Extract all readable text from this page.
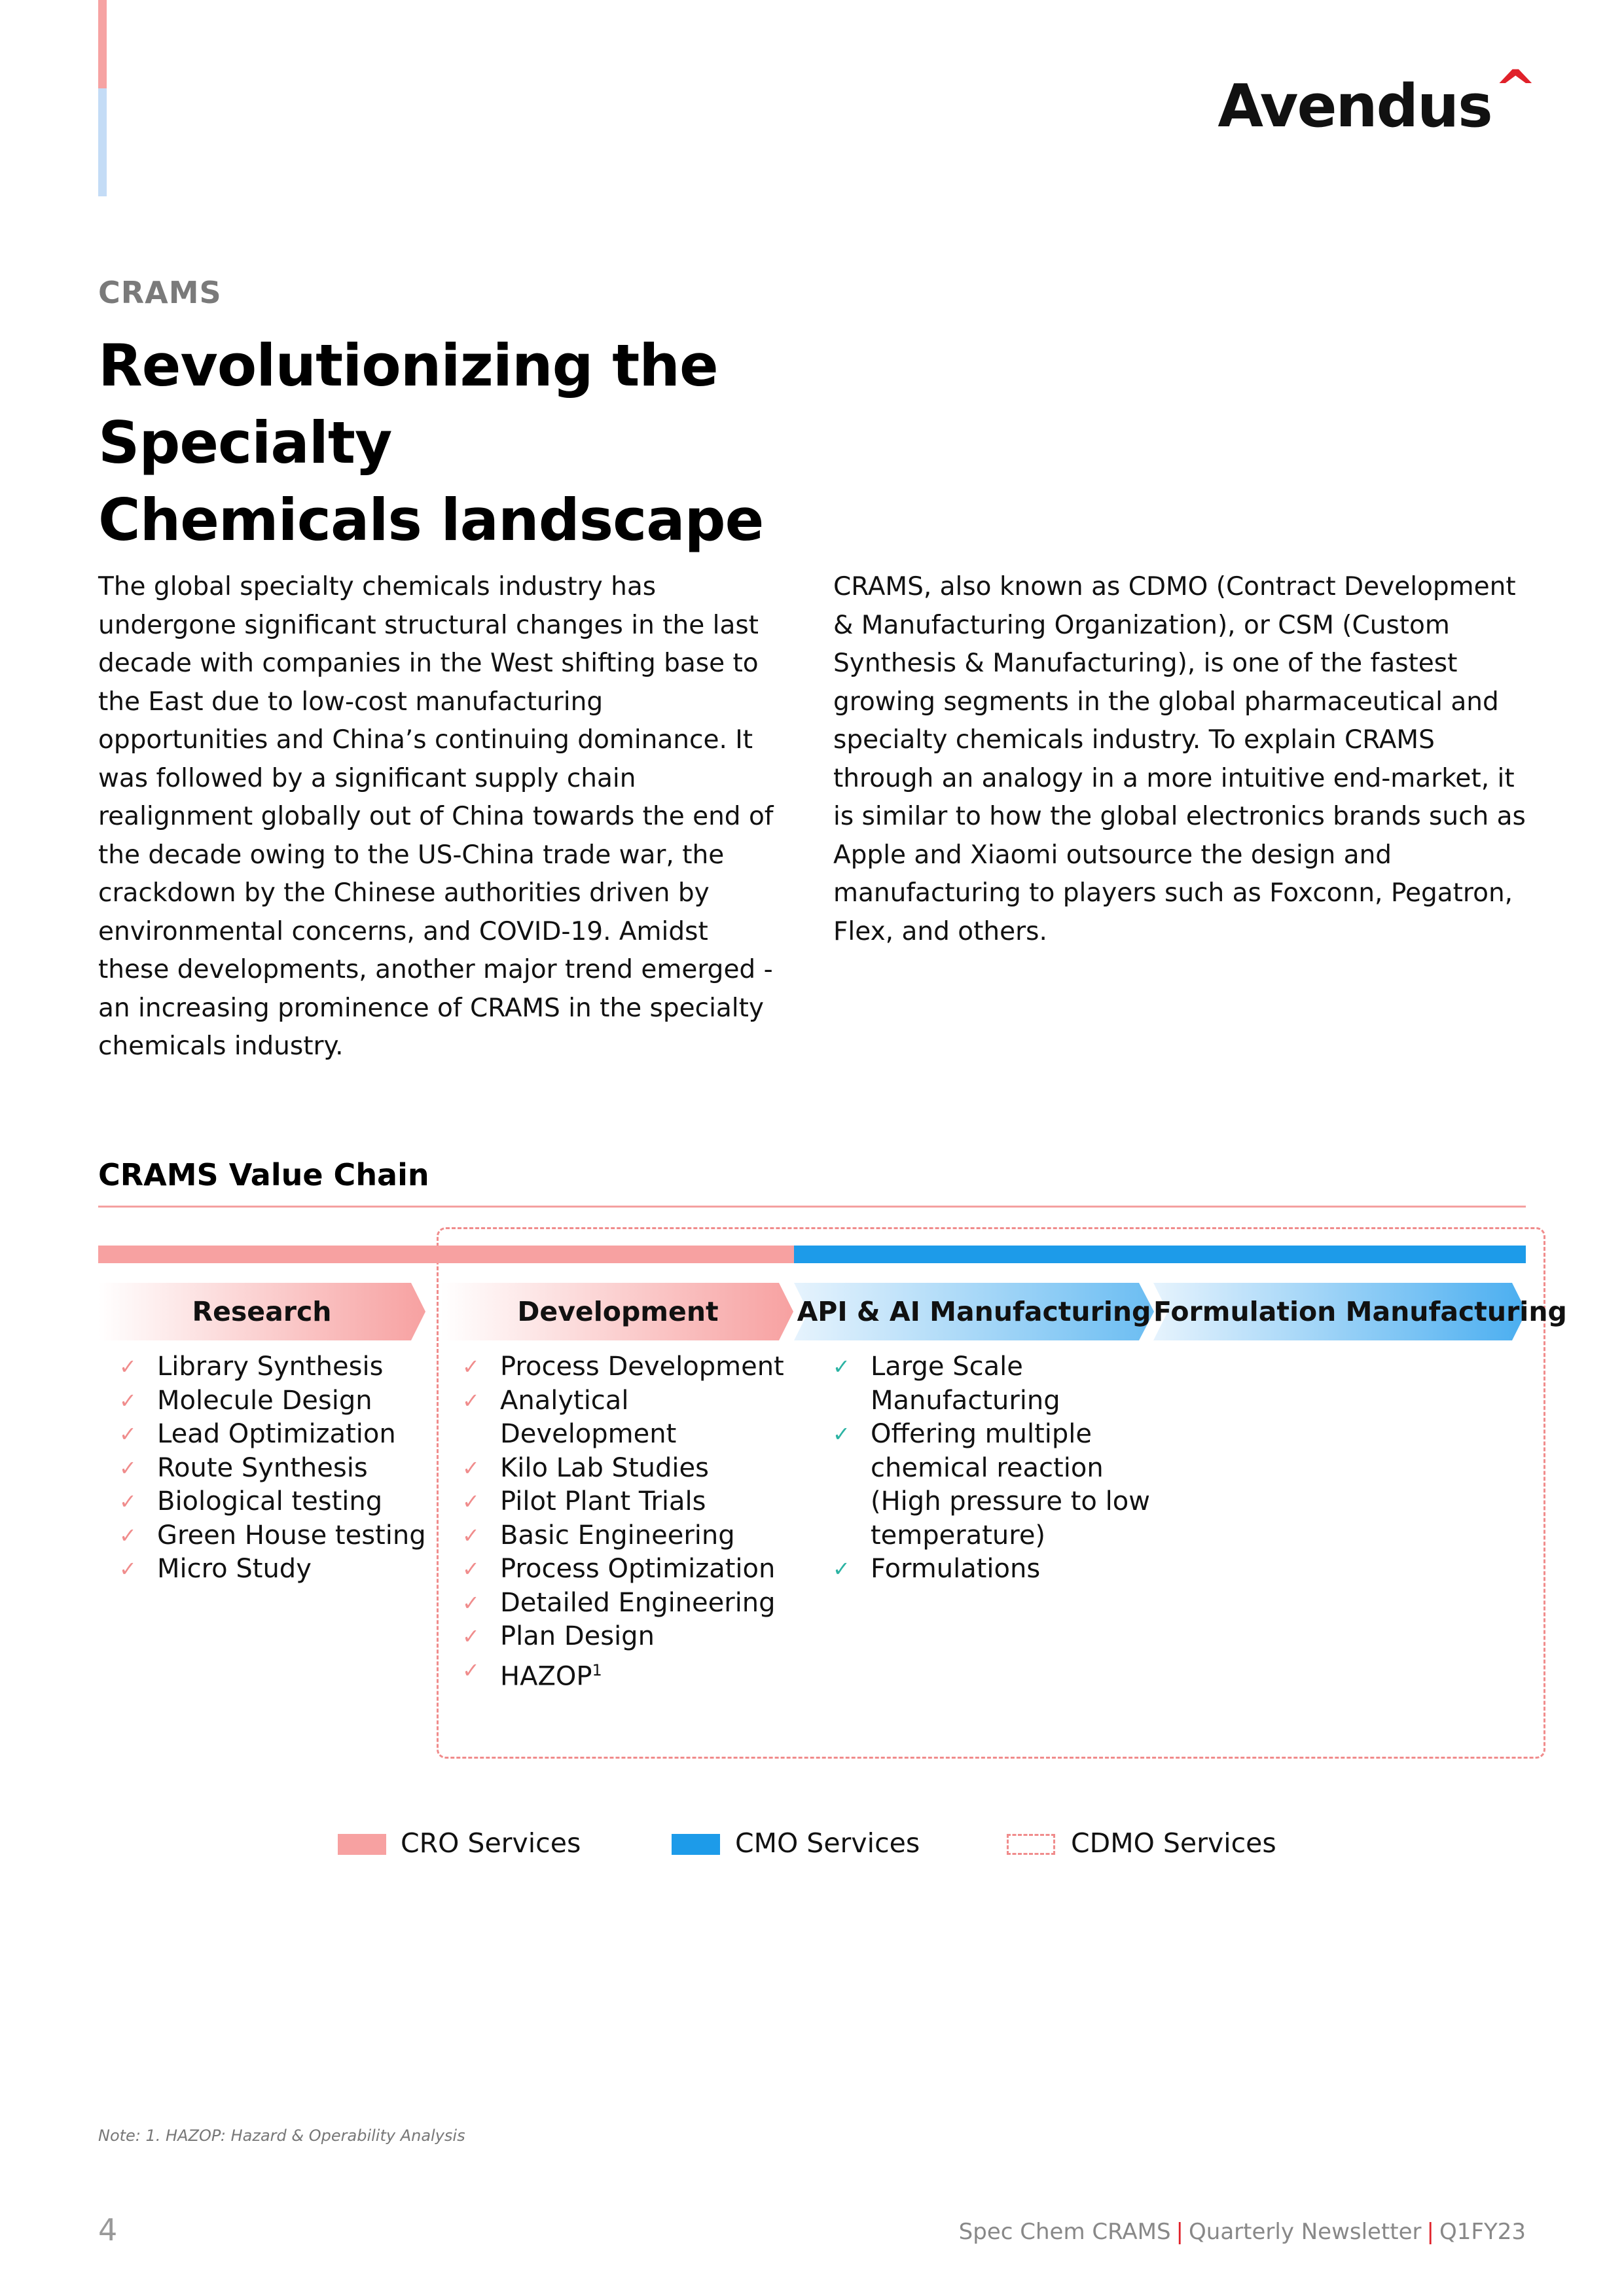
Avendus^
CRAMS
Revolutionizing the Specialty
Chemicals landscape
The global specialty chemicals industry has undergone significant structural changes in the last decade with companies in the West shifting base to the East due to low-cost manufacturing opportunities and China’s continuing dominance. It was followed by a significant supply chain realignment globally out of China towards the end of the decade owing to the US-China trade war, the crackdown by the Chinese authorities driven by environmental concerns, and COVID-19. Amidst these developments, another major trend emerged - an increasing prominence of CRAMS in the specialty chemicals industry.
CRAMS, also known as CDMO (Contract Development & Manufacturing Organization), or CSM (Custom Synthesis & Manufacturing), is one of the fastest growing segments in the global pharmaceutical and specialty chemicals industry. To explain CRAMS through an analogy in a more intuitive end-market, it is similar to how the global electronics brands such as Apple and Xiaomi outsource the design and manufacturing to players such as Foxconn, Pegatron, Flex, and others.
CRAMS Value Chain
Research	Development	API & AI Manufacturing Formulation Manufacturing
✓ Library Synthesis
✓ Molecule Design
✓ Lead Optimization
✓ Route Synthesis
✓ Biological testing
✓ Green House testing
✓ Micro Study
✓ Process Development
✓ Analytical Development
✓ Kilo Lab Studies
✓ Pilot Plant Trials
✓ Basic Engineering
✓ Process Optimization
✓ Detailed Engineering
✓ Plan Design
✓ HAZOP$^1$
✓ Large Scale
Manufacturing
✓ Offering multiple
chemical reaction
(High pressure to low
temperature)
✓ Formulations
CRO Services	CMO Services	CDMO Services
Note: 1. HAZOP: Hazard & Operability Analysis
4	Spec Chem CRAMS | Quarterly Newsletter | Q1FY23
